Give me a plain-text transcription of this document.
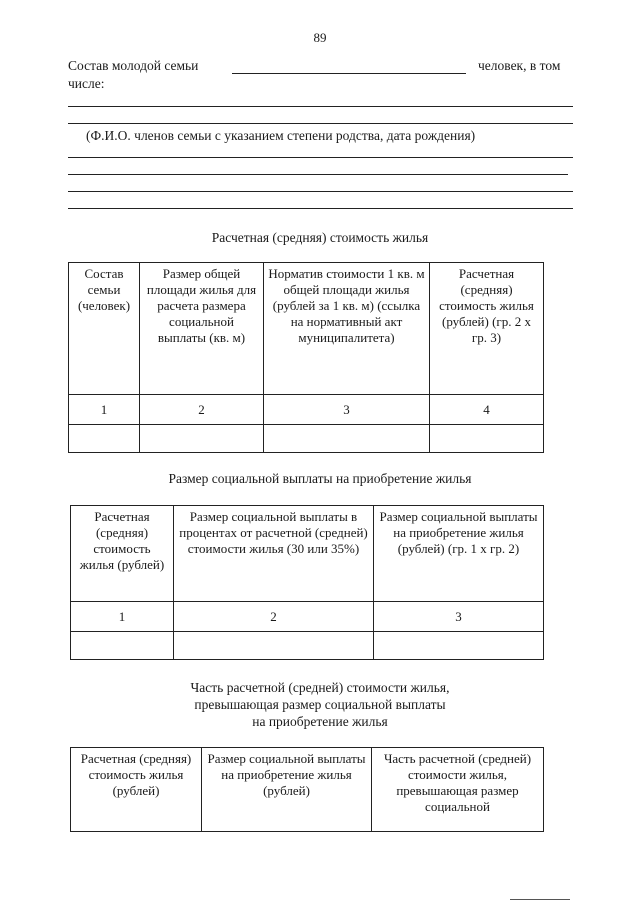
89
Состав молодой семьи	человек, в том
числе:
(Ф.И.О. членов семьи с указанием степени родства, дата рождения)
Расчетная (средняя) стоимость жилья
Состав семьи (человек)	Размер общей площади жилья для расчета размера социальной выплаты (кв. м)	Норматив стоимости 1 кв. м общей площади жилья (рублей за 1 кв. м) (ссылка на нормативный акт муниципалитета)	Расчетная (средняя) стоимость жилья (рублей) (гр. 2 х гр. 3)
1	2	3	4

Размер социальной выплаты на приобретение жилья
Расчетная (средняя) стоимость жилья (рублей)	Размер социальной выплаты в процентах от расчетной (средней) стоимости жилья (30 или 35%)	Размер социальной выплаты на приобретение жилья (рублей) (гр. 1 х гр. 2)
1	2	3

Часть расчетной (средней) стоимости жилья,
превышающая размер социальной выплаты
на приобретение жилья
Расчетная (средняя) стоимость жилья (рублей)	Размер социальной выплаты на приобретение жилья (рублей)	Часть расчетной (средней) стоимости жилья, превышающая размер социальной
